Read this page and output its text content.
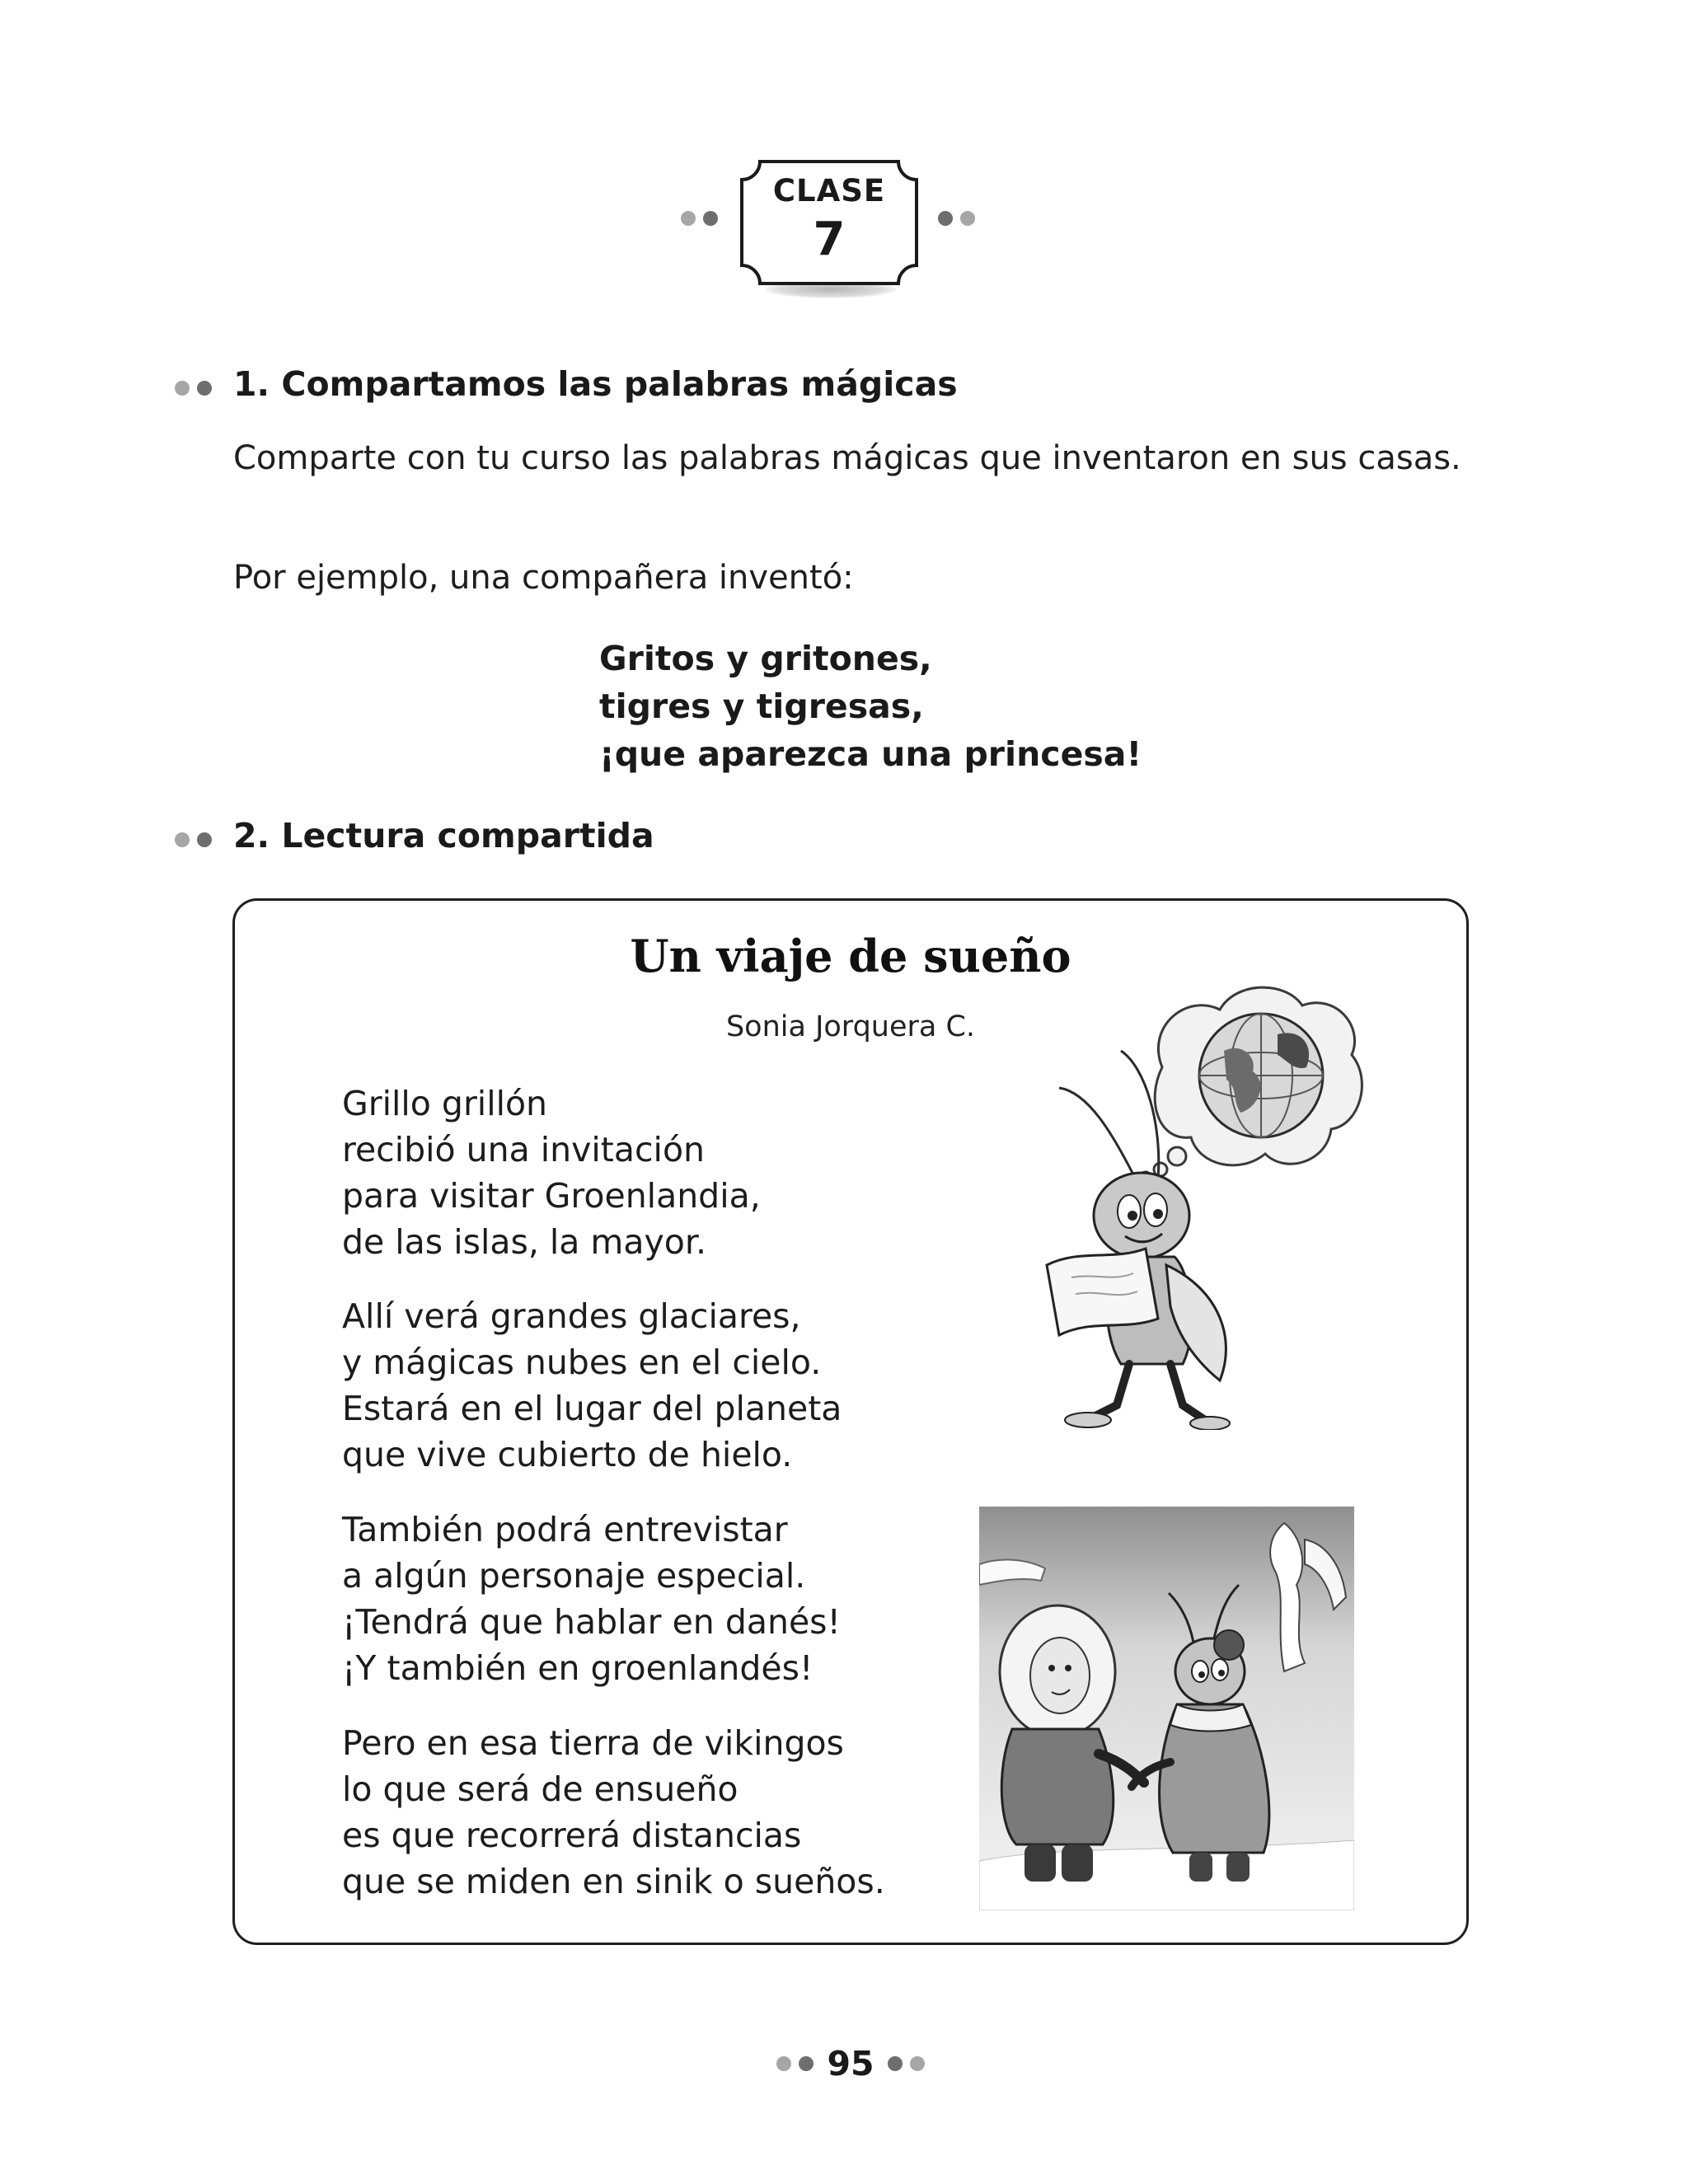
CLASE
7
1. Compartamos las palabras mágicas
Comparte con tu curso las palabras mágicas que inventaron en sus casas.
Por ejemplo, una compañera inventó:
Gritos y gritones,
tigres y tigresas,
¡que aparezca una princesa!
2. Lectura compartida
Un viaje de sueño
Sonia Jorquera C.
Grillo grillón
recibió una invitación
para visitar Groenlandia,
de las islas, la mayor.
Allí verá grandes glaciares,
y mágicas nubes en el cielo.
Estará en el lugar del planeta
que vive cubierto de hielo.
También podrá entrevistar
a algún personaje especial.
¡Tendrá que hablar en danés!
¡Y también en groenlandés!
Pero en esa tierra de vikingos
lo que será de ensueño
es que recorrerá distancias
que se miden en sinik o sueños.
95
